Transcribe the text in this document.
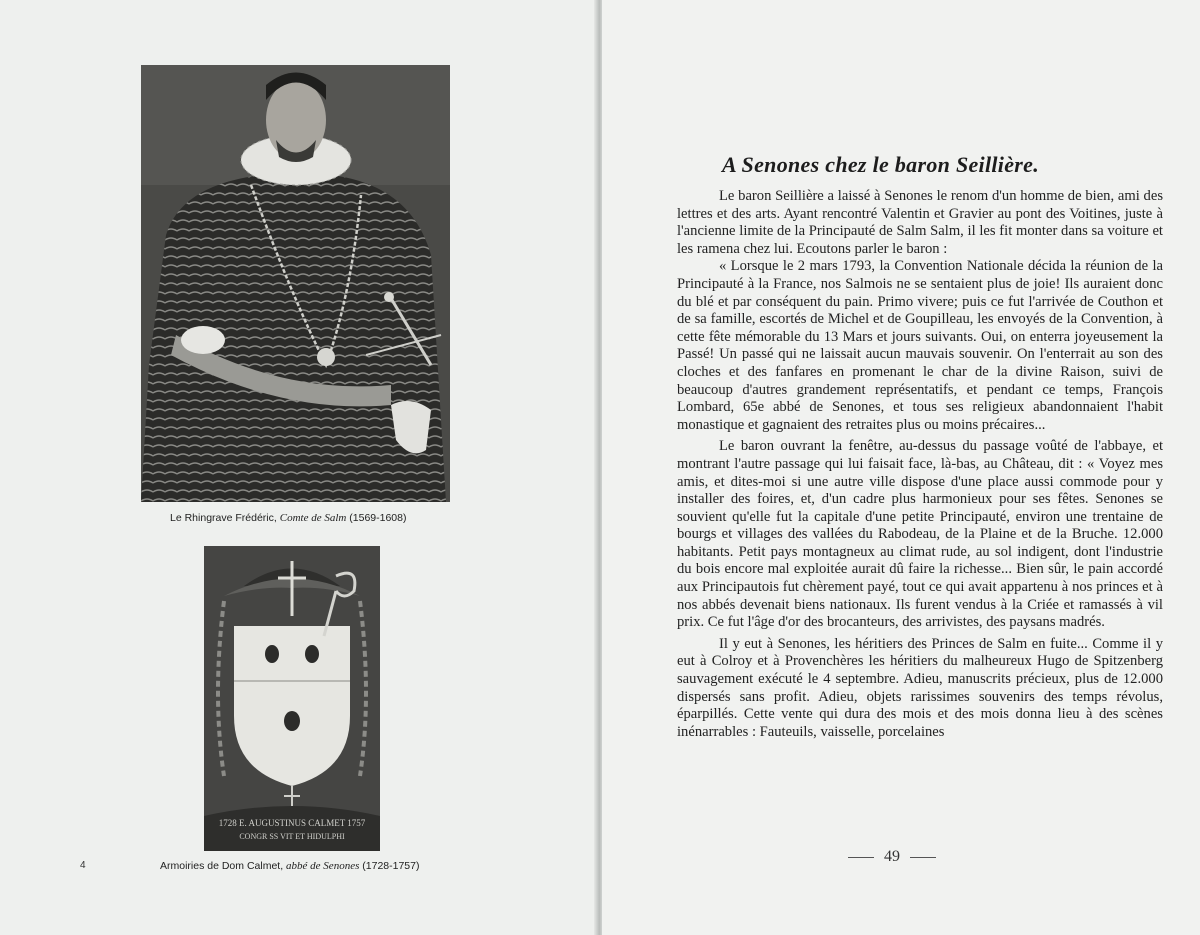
Le Rhingrave Frédéric, Comte de Salm (1569-1608)
1728 E. AUGUSTINUS CALMET 1757
CONGR SS VIT ET HIDULPHI
Armoiries de Dom Calmet, abbé de Senones (1728-1757)
4
A Senones chez le baron Seillière.

Le baron Seillière a laissé à Senones le renom d'un homme de bien, ami des lettres et des arts. Ayant rencontré Valentin et Gravier au pont des Voitines, juste à l'ancienne limite de la Principauté de Salm Salm, il les fit monter dans sa voiture et les ramena chez lui. Ecoutons parler le baron :

« Lorsque le 2 mars 1793, la Convention Nationale décida la réunion de la Principauté à la France, nos Salmois ne se sentaient plus de joie! Ils auraient donc du blé et par conséquent du pain. Primo vivere; puis ce fut l'arrivée de Couthon et de sa famille, escortés de Michel et de Goupilleau, les envoyés de la Convention, à cette fête mémorable du 13 Mars et jours suivants. Oui, on enterra joyeusement la Passé! Un passé qui ne laissait aucun mauvais souvenir. On l'enterrait au son des cloches et des fanfares en promenant le char de la divine Raison, suivi de beaucoup d'autres grandement représentatifs, et pendant ce temps, François Lombard, 65e abbé de Senones, et tous ses religieux abandonnaient l'habit monastique et gagnaient des retraites plus ou moins précaires...

Le baron ouvrant la fenêtre, au-dessus du passage voûté de l'abbaye, et montrant l'autre passage qui lui faisait face, là-bas, au Château, dit : « Voyez mes amis, et dites-moi si une autre ville dispose d'une place aussi commode pour y installer des foires, et, d'un cadre plus harmonieux pour ses fêtes. Senones se souvient qu'elle fut la capitale d'une petite Principauté, environ une trentaine de bourgs et villages des vallées du Rabodeau, de la Plaine et de la Bruche. 12.000 habitants. Petit pays montagneux au climat rude, au sol indigent, dont l'industrie du bois encore mal exploitée aurait dû faire la richesse... Bien sûr, le pain accordé aux Principautois fut chèrement payé, tout ce qui avait appartenu à nos princes et à nos abbés devenait biens nationaux. Ils furent vendus à la Criée et ramassés à vil prix. Ce fut l'âge d'or des brocanteurs, des arrivistes, des paysans madrés.

Il y eut à Senones, les héritiers des Princes de Salm en fuite... Comme il y eut à Colroy et à Provenchères les héritiers du malheureux Hugo de Spitzenberg sauvagement exécuté le 4 septembre. Adieu, manuscrits précieux, plus de 12.000 dispersés sans profit. Adieu, objets rarissimes souvenirs des temps révolus, éparpillés. Cette vente qui dura des mois et des mois donna lieu à des scènes inénarrables : Fauteuils, vaisselle, porcelaines

49
